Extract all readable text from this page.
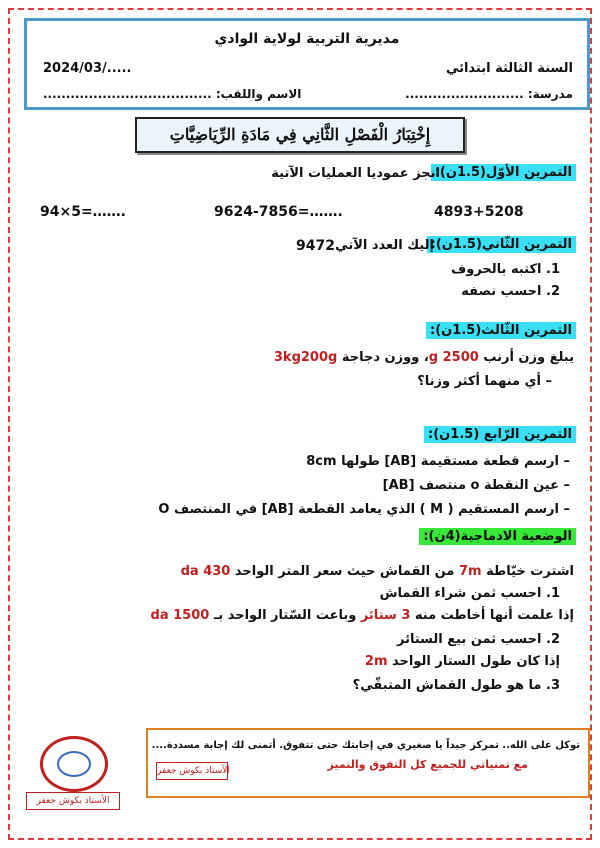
مديرية التربية لولاية الوادي
السنة الثالثة ابتدائي
2024/03/.....
مدرسة: ..........................
الاسم واللقب: .....................................
إِخْتِبَارُ الْفَصْلِ الثَّانِي فِي مَادَةِ الرِّيَاضِيَّاتِ
التمرين الأوّل(1.5ن):
انجز عموديا العمليات الآتية
4893+5208
9624-7856=…….
94×5=…….
التمرين الثّاني(1.5ن):
إليك العدد الآتي
9472
1. اكتبه بالحروف
2. احسب نصفه
التمرين الثّالث(1.5ن):
يبلغ وزن أرنب 2500 g، ووزن دجاجة 3kg200g
– أي منهما أكثر وزنا؟
التمرين الرّابع (1.5ن):
– ارسم قطعة مستقيمة [AB] طولها 8cm
– عين النقطة o منتصف [AB]
– ارسم المستقيم ( M ) الذي يعامد القطعة [AB] في المنتصف O
الوضعية الادماجية(4ن):
اشترت خيّاطة 7m من القماش حيث سعر المتر الواحد 430 da
1. احسب ثمن شراء القماش
إذا علمت أنها أخاطت منه 3 ستائر وباعت السّتار الواحد بـ 1500 da
2. احسب ثمن بيع الستائر
إذا كان طول الستار الواحد 2m
3. ما هو طول القماش المتبقّي؟
توكل على الله.. تمركز جيداً يا صغيري في إجابتك حتى تتفوق. أتمنى لك إجابة مسددة....
مع تمنياتي للجميع كل التفوق والتميز
الأستاذ بكوش جعفر
الأستاذ بكوش جعفر
